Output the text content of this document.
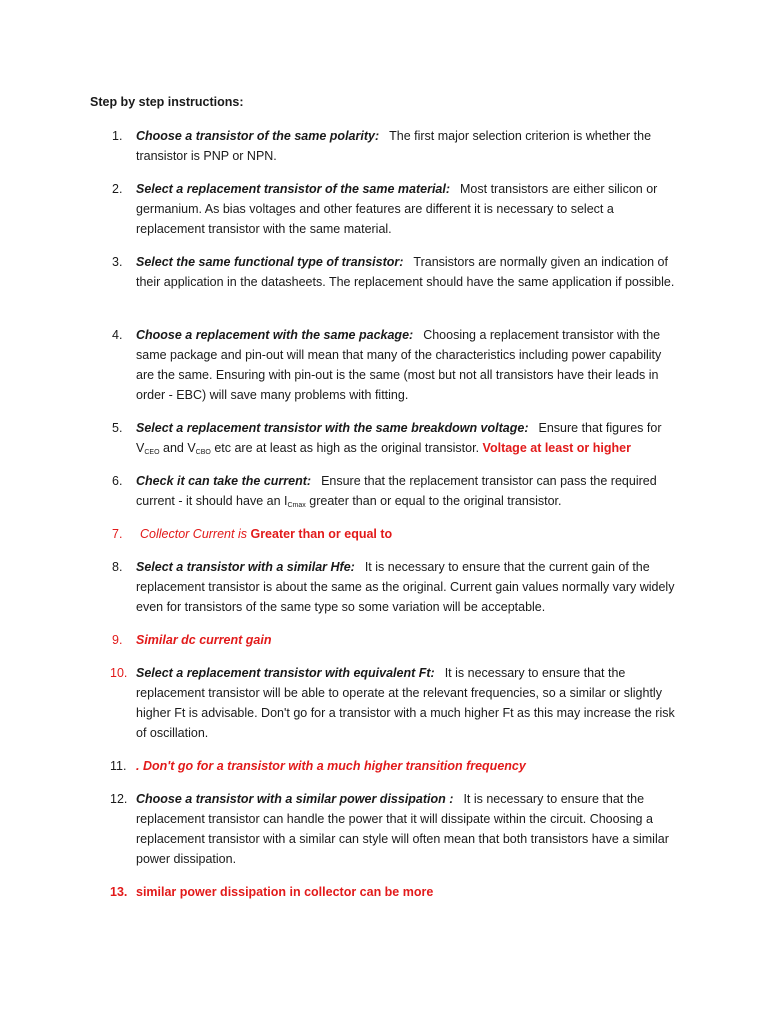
Step by step instructions:
1. Choose a transistor of the same polarity: The first major selection criterion is whether the transistor is PNP or NPN.
2. Select a replacement transistor of the same material: Most transistors are either silicon or germanium. As bias voltages and other features are different it is necessary to select a replacement transistor with the same material.
3. Select the same functional type of transistor: Transistors are normally given an indication of their application in the datasheets. The replacement should have the same application if possible.
4. Choose a replacement with the same package: Choosing a replacement transistor with the same package and pin-out will mean that many of the characteristics including power capability are the same. Ensuring with pin-out is the same (most but not all transistors have their leads in order - EBC) will save many problems with fitting.
5. Select a replacement transistor with the same breakdown voltage: Ensure that figures for $V_{CEO}$ and $V_{CBO}$ etc are at least as high as the original transistor. Voltage at least or higher
6. Check it can take the current: Ensure that the replacement transistor can pass the required current - it should have an $I_{Cmax}$ greater than or equal to the original transistor.
7. Collector Current is Greater than or equal to
8. Select a transistor with a similar Hfe: It is necessary to ensure that the current gain of the replacement transistor is about the same as the original. Current gain values normally vary widely even for transistors of the same type so some variation will be acceptable.
9. Similar dc current gain
10. Select a replacement transistor with equivalent Ft: It is necessary to ensure that the replacement transistor will be able to operate at the relevant frequencies, so a similar or slightly higher Ft is advisable. Don't go for a transistor with a much higher Ft as this may increase the risk of oscillation.
11. . Don't go for a transistor with a much higher transition frequency
12. Choose a transistor with a similar power dissipation : It is necessary to ensure that the replacement transistor can handle the power that it will dissipate within the circuit. Choosing a replacement transistor with a similar can style will often mean that both transistors have a similar power dissipation.
13. similar power dissipation in collector can be more
